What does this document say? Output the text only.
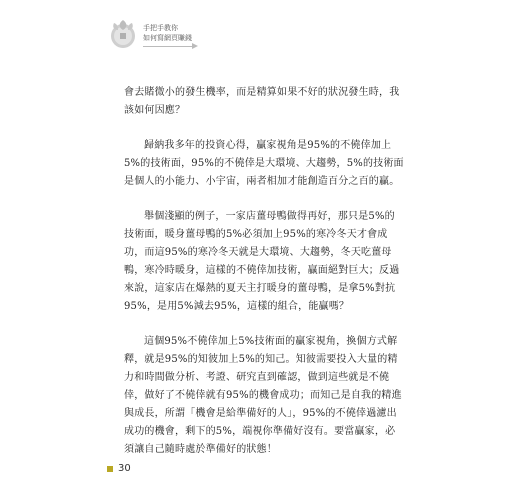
手把手教你
如何寫網頁賺錢

會去賭微小的發生機率，而是精算如果不好的狀況發生時，我該如何因應？

歸納我多年的投資心得，贏家視角是95%的不僥倖加上5%的技術面，95%的不僥倖是大環境、大趨勢，5%的技術面是個人的小能力、小宇宙，兩者相加才能創造百分之百的贏。

舉個淺顯的例子，一家店薑母鴨做得再好，那只是5%的技術面，暖身薑母鴨的5%必須加上95%的寒冷冬天才會成功，而這95%的寒冷冬天就是大環境、大趨勢，冬天吃薑母鴨，寒冷時暖身，這樣的不僥倖加技術，贏面絕對巨大；反過來說，這家店在爆熱的夏天主打暖身的薑母鴨，是拿5%對抗95%，是用5%減去95%，這樣的組合，能贏嗎？

這個95%不僥倖加上5%技術面的贏家視角，換個方式解釋，就是95%的知彼加上5%的知己。知彼需要投入大量的精力和時間做分析、考證、研究直到確認，做到這些就是不僥倖，做好了不僥倖就有95%的機會成功；而知己是自我的精進與成長，所謂「機會是給準備好的人」，95%的不僥倖過濾出成功的機會，剩下的5%，端視你準備好沒有。要當贏家，必須讓自己隨時處於準備好的狀態！

30
